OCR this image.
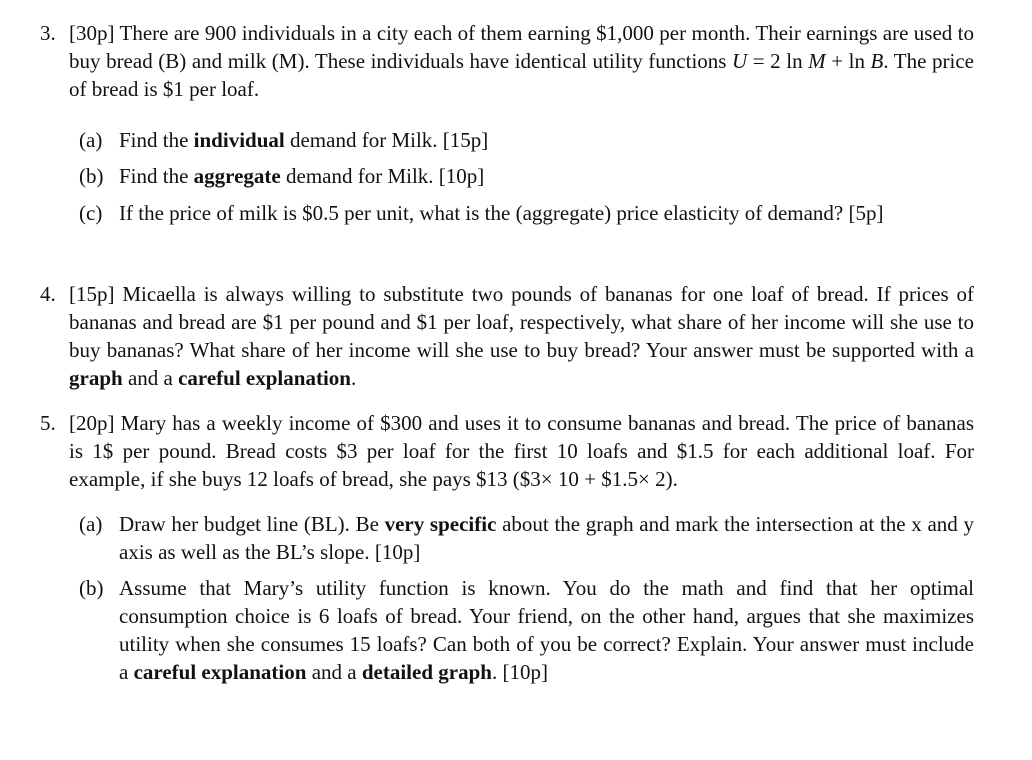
3. [30p] There are 900 individuals in a city each of them earning $1,000 per month. Their earnings are used to buy bread (B) and milk (M). These individuals have identical utility functions U = 2 ln M + ln B. The price of bread is $1 per loaf.
(a) Find the individual demand for Milk. [15p]
(b) Find the aggregate demand for Milk. [10p]
(c) If the price of milk is $0.5 per unit, what is the (aggregate) price elasticity of demand? [5p]
4. [15p] Micaella is always willing to substitute two pounds of bananas for one loaf of bread. If prices of bananas and bread are $1 per pound and $1 per loaf, respectively, what share of her income will she use to buy bananas? What share of her income will she use to buy bread? Your answer must be supported with a graph and a careful explanation.
5. [20p] Mary has a weekly income of $300 and uses it to consume bananas and bread. The price of bananas is 1$ per pound. Bread costs $3 per loaf for the first 10 loafs and $1.5 for each additional loaf. For example, if she buys 12 loafs of bread, she pays $13 ($3× 10 + $1.5× 2).
(a) Draw her budget line (BL). Be very specific about the graph and mark the intersection at the x and y axis as well as the BL’s slope. [10p]
(b) Assume that Mary’s utility function is known. You do the math and find that her optimal consumption choice is 6 loafs of bread. Your friend, on the other hand, argues that she maximizes utility when she consumes 15 loafs? Can both of you be correct? Explain. Your answer must include a careful explanation and a detailed graph. [10p]
